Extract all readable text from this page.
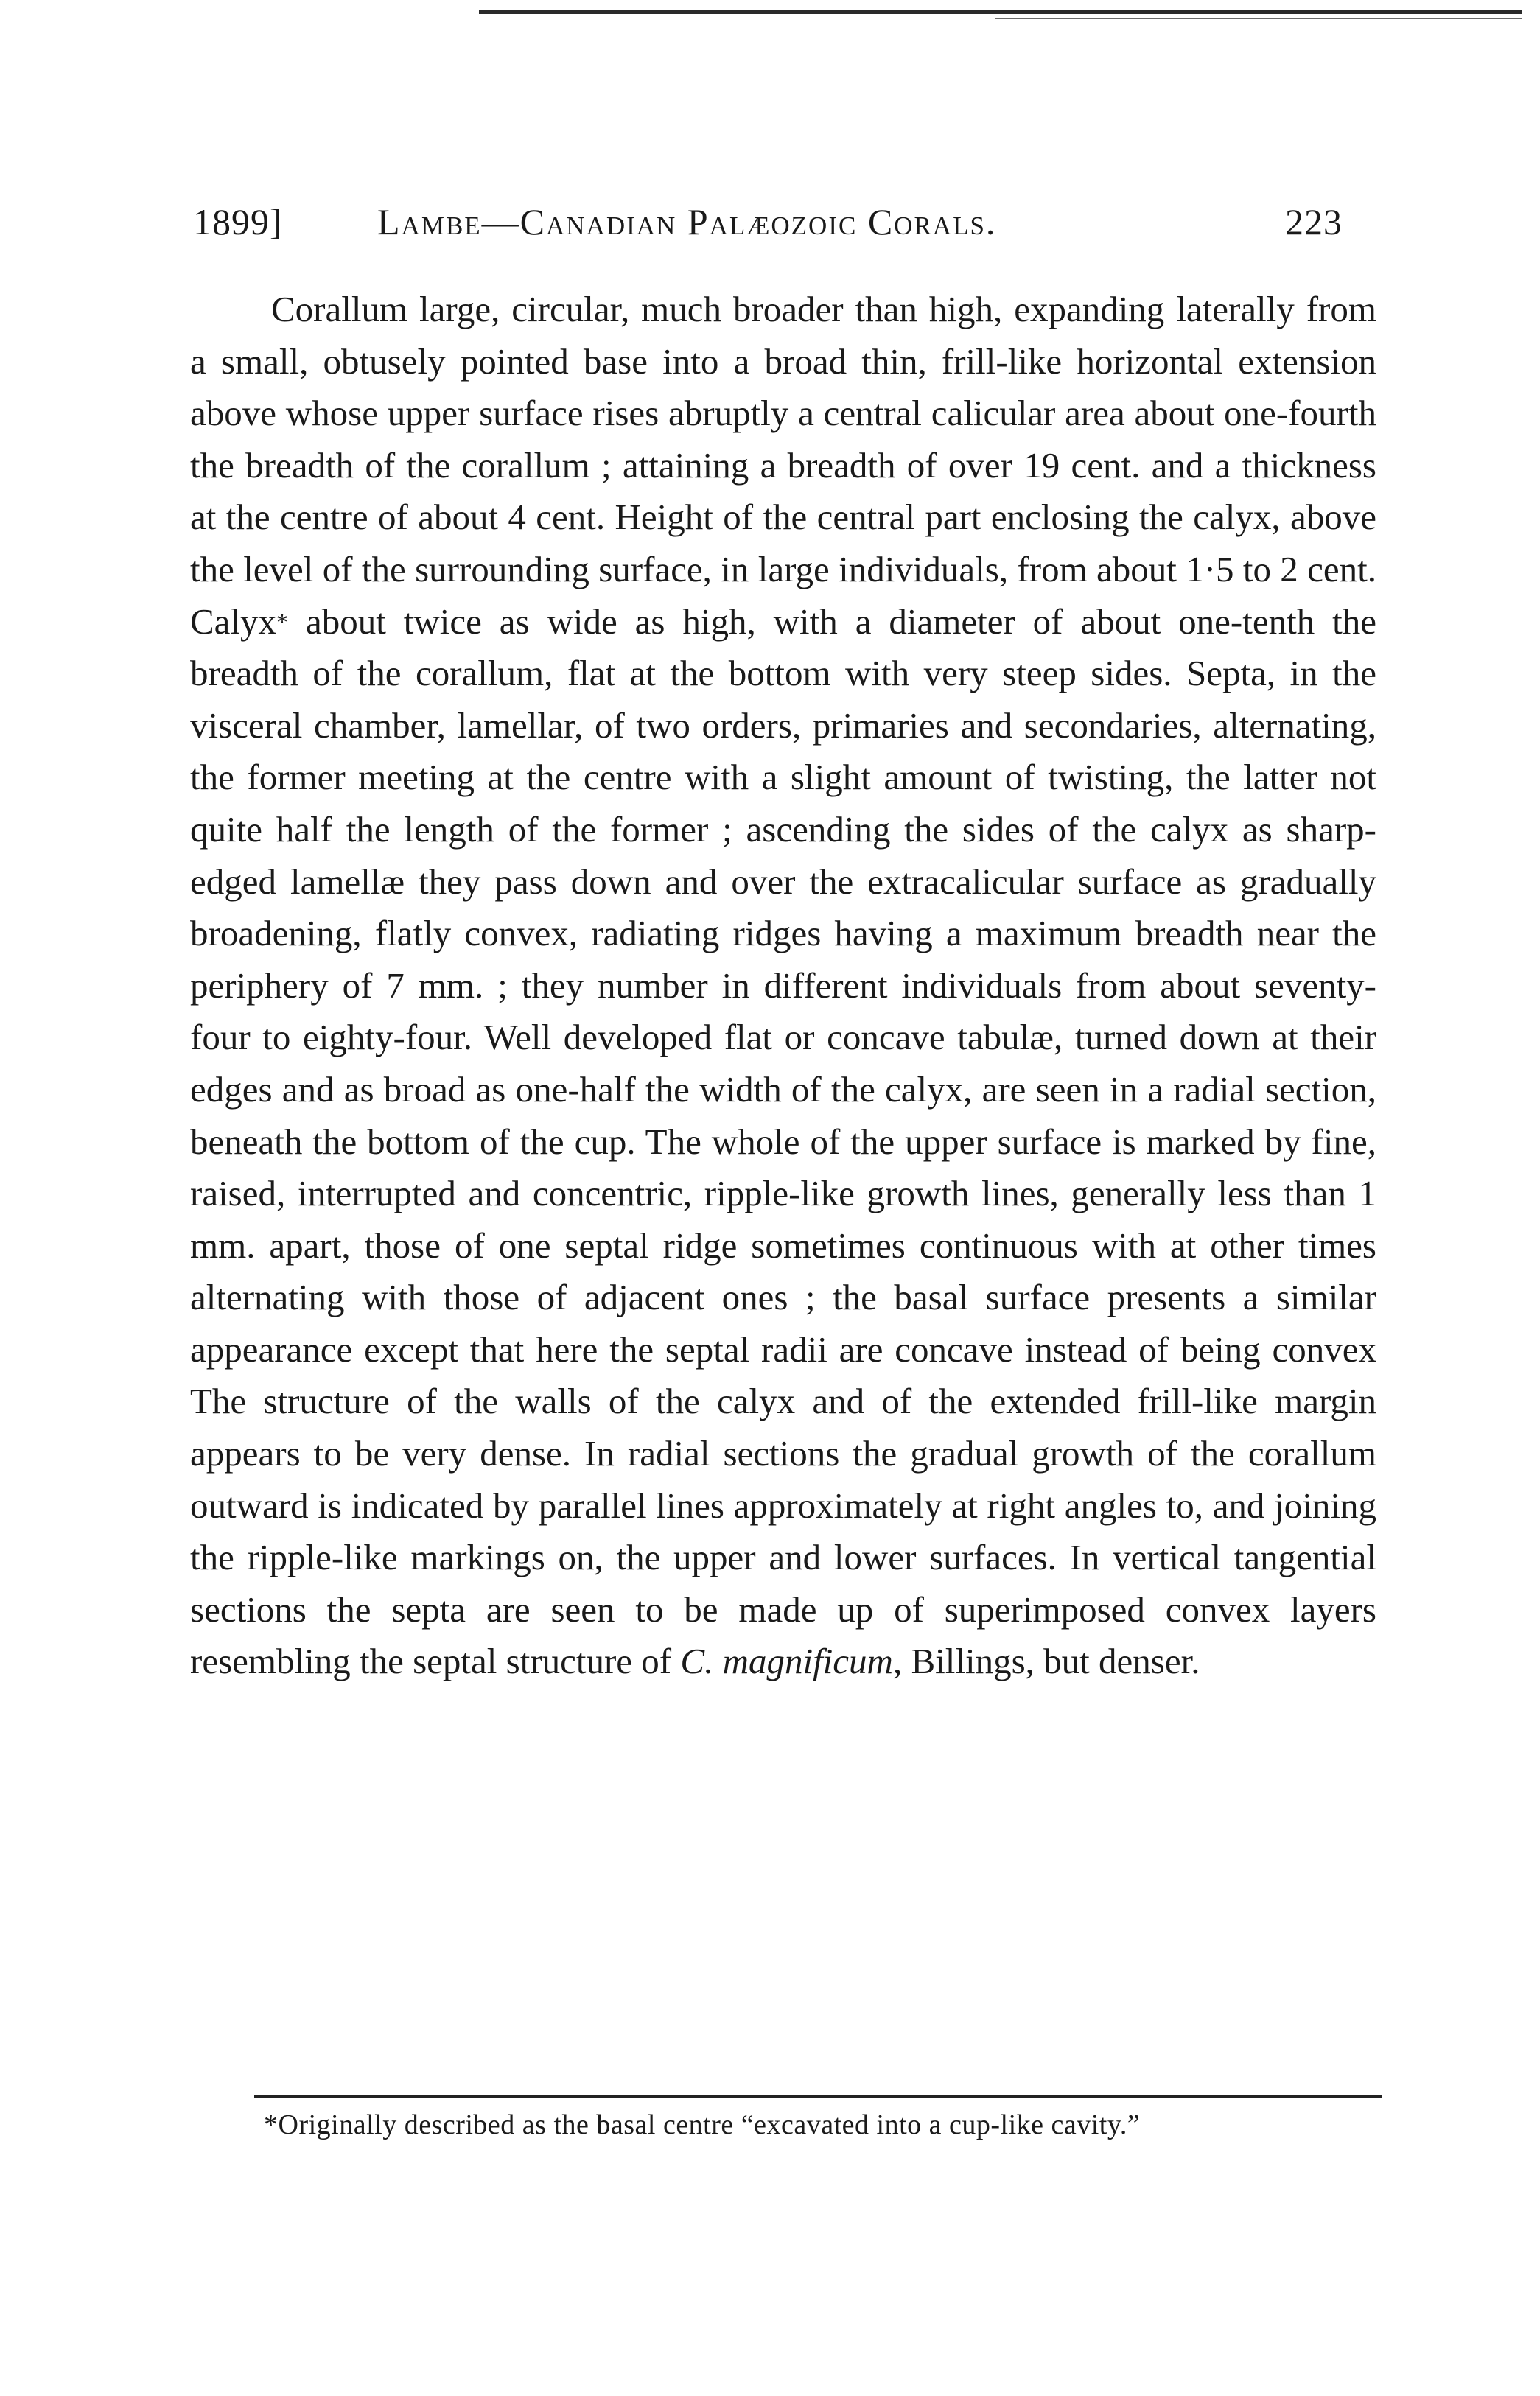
1899]	Lambe—Canadian Palæozoic Corals.	223

Corallum large, circular, much broader than high, expanding laterally from a small, obtusely pointed base into a broad thin, frill-like horizontal extension above whose upper surface rises abruptly a central calicular area about one-fourth the breadth of the corallum ; attaining a breadth of over 19 cent. and a thickness at the centre of about 4 cent. Height of the central part enclosing the calyx, above the level of the surrounding surface, in large individuals, from about 1·5 to 2 cent. Calyx* about twice as wide as high, with a diameter of about one-tenth the breadth of the corallum, flat at the bottom with very steep sides. Septa, in the visceral chamber, lamellar, of two orders, primaries and secondaries, alternating, the former meeting at the centre with a slight amount of twisting, the latter not quite half the length of the former ; ascending the sides of the calyx as sharp-edged lamellæ they pass down and over the extracalicular surface as gradually broadening, flatly convex, radiating ridges having a maximum breadth near the periphery of 7 mm. ; they number in different individuals from about seventy-four to eighty-four. Well developed flat or concave tabulæ, turned down at their edges and as broad as one-half the width of the calyx, are seen in a radial section, beneath the bottom of the cup. The whole of the upper surface is marked by fine, raised, interrupted and concentric, ripple-like growth lines, generally less than 1 mm. apart, those of one septal ridge sometimes continuous with at other times alternating with those of adjacent ones ; the basal surface presents a similar appearance except that here the septal radii are concave instead of being convex The structure of the walls of the calyx and of the extended frill-like margin appears to be very dense. In radial sections the gradual growth of the corallum outward is indicated by parallel lines approximately at right angles to, and joining the ripple-like markings on, the upper and lower surfaces. In vertical tangential sections the septa are seen to be made up of superimposed convex layers resembling the septal structure of C. magnificum, Billings, but denser.

*Originally described as the basal centre “excavated into a cup-like cavity.”
